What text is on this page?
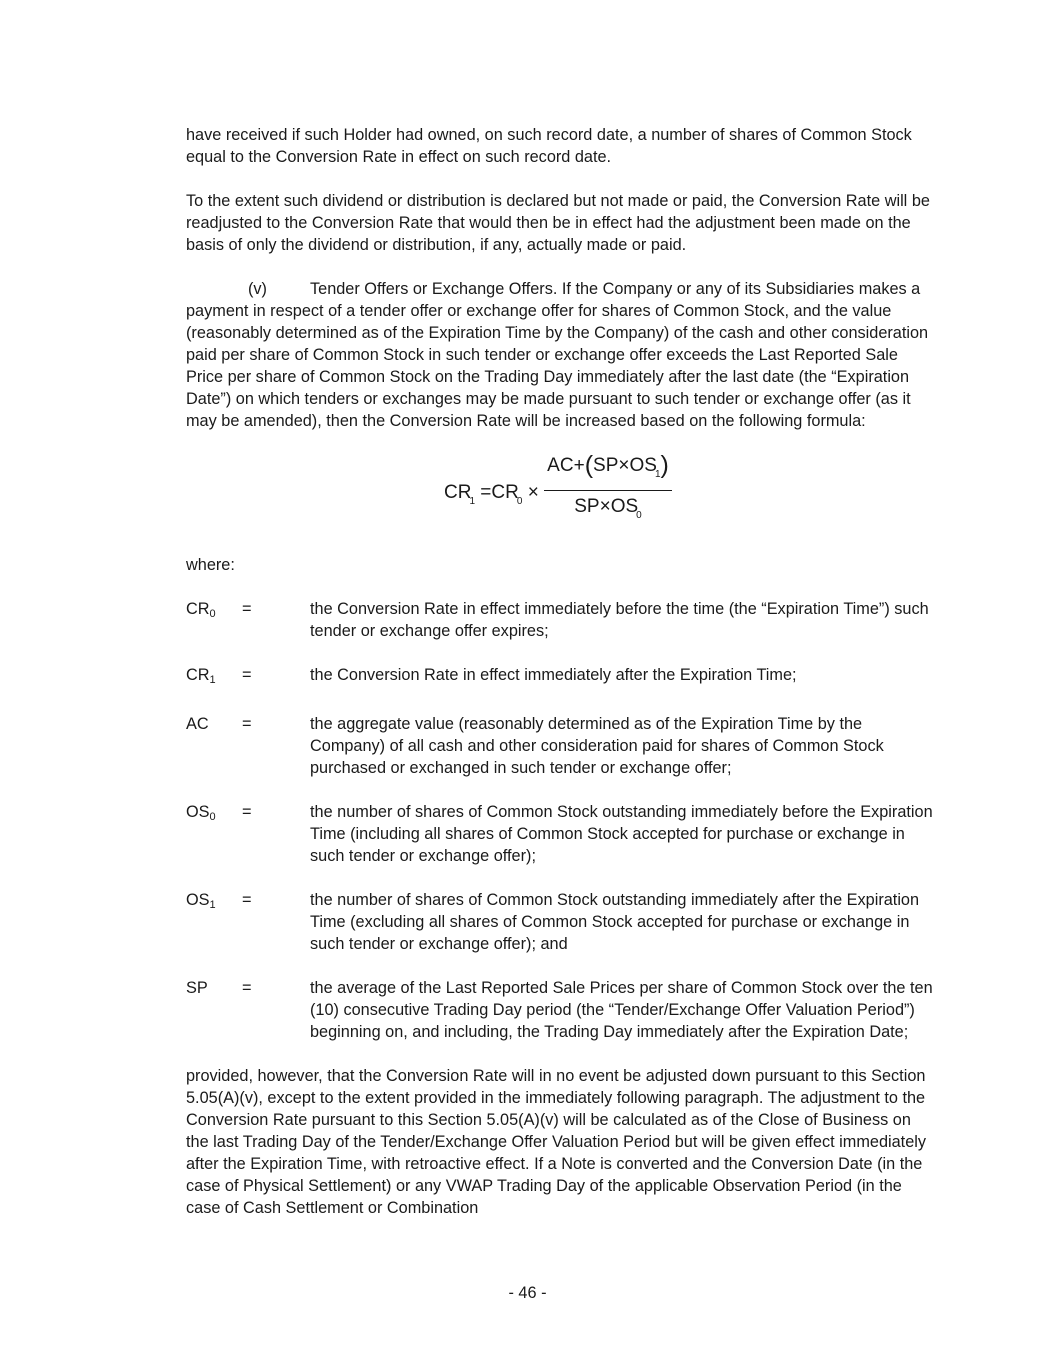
have received if such Holder had owned, on such record date, a number of shares of Common Stock equal to the Conversion Rate in effect on such record date.

To the extent such dividend or distribution is declared but not made or paid, the Conversion Rate will be readjusted to the Conversion Rate that would then be in effect had the adjustment been made on the basis of only the dividend or distribution, if any, actually made or paid.

(v)	Tender Offers or Exchange Offers. If the Company or any of its Subsidiaries makes a payment in respect of a tender offer or exchange offer for shares of Common Stock, and the value (reasonably determined as of the Expiration Time by the Company) of the cash and other consideration paid per share of Common Stock in such tender or exchange offer exceeds the Last Reported Sale Price per share of Common Stock on the Trading Day immediately after the last date (the “Expiration Date”) on which tenders or exchanges may be made pursuant to such tender or exchange offer (as it may be amended), then the Conversion Rate will be increased based on the following formula:

$CR_1 =CR_0$ ×
$AC+(SP\times OS_1)$
$SP\times OS_0$

where:

$CR_0$	=	the Conversion Rate in effect immediately before the time (the “Expiration Time”) such tender or exchange offer expires;
$CR_1$	=	the Conversion Rate in effect immediately after the Expiration Time;
AC	=	the aggregate value (reasonably determined as of the Expiration Time by the Company) of all cash and other consideration paid for shares of Common Stock purchased or exchanged in such tender or exchange offer;
$OS_0$	=	the number of shares of Common Stock outstanding immediately before the Expiration Time (including all shares of Common Stock accepted for purchase or exchange in such tender or exchange offer);
$OS_1$	=	the number of shares of Common Stock outstanding immediately after the Expiration Time (excluding all shares of Common Stock accepted for purchase or exchange in such tender or exchange offer); and
SP	=	the average of the Last Reported Sale Prices per share of Common Stock over the ten (10) consecutive Trading Day period (the “Tender/Exchange Offer Valuation Period”) beginning on, and including, the Trading Day immediately after the Expiration Date;

provided, however, that the Conversion Rate will in no event be adjusted down pursuant to this Section 5.05(A)(v), except to the extent provided in the immediately following paragraph. The adjustment to the Conversion Rate pursuant to this Section 5.05(A)(v) will be calculated as of the Close of Business on the last Trading Day of the Tender/Exchange Offer Valuation Period but will be given effect immediately after the Expiration Time, with retroactive effect. If a Note is converted and the Conversion Date (in the case of Physical Settlement) or any VWAP Trading Day of the applicable Observation Period (in the case of Cash Settlement or Combination

- 46 -
